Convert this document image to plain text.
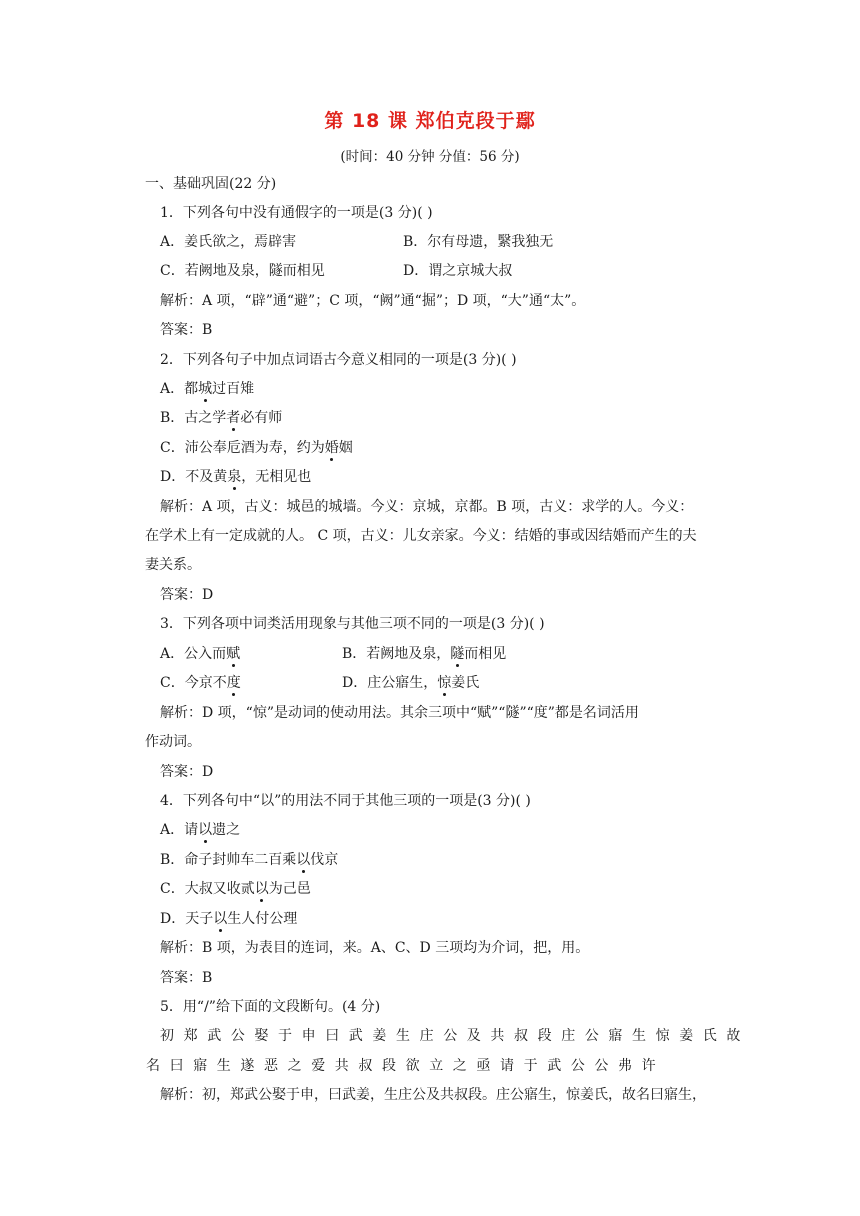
第 18 课 郑伯克段于鄢
(时间：40 分钟 分值：56 分)
一、基础巩固(22 分)
1．下列各句中没有通假字的一项是(3 分)( )
A．姜氏欲之，焉辟害	B．尔有母遗，繄我独无
C．若阙地及泉，隧而相见	D．谓之京城大叔
解析：A 项，“辟”通“避”；C 项，“阙”通“掘”；D 项，“大”通“太”。
答案：B
2．下列各句子中加点词语古今意义相同的一项是(3 分)( )
A．都城过百雉
B．古之学者必有师
C．沛公奉卮酒为寿，约为婚姻
D．不及黄泉，无相见也
解析：A 项，古义：城邑的城墙。今义：京城，京都。B 项，古义：求学的人。今义：
在学术上有一定成就的人。 C 项，古义：儿女亲家。今义：结婚的事或因结婚而产生的夫
妻关系。
答案：D
3．下列各项中词类活用现象与其他三项不同的一项是(3 分)( )
A．公入而赋	B．若阙地及泉，隧而相见
C．今京不度	D．庄公寤生，惊姜氏
解析：D 项，“惊”是动词的使动用法。其余三项中“赋”“隧”“度”都是名词活用
作动词。
答案：D
4．下列各句中“以”的用法不同于其他三项的一项是(3 分)( )
A．请以遗之
B．命子封帅车二百乘以伐京
C．大叔又收贰以为己邑
D．天子以生人付公理
解析：B 项，为表目的连词，来。A、C、D 三项均为介词，把，用。
答案：B
5．用“/”给下面的文段断句。(4 分)
初郑武公娶于申曰武姜生庄公及共叔段庄公寤生惊姜氏故
名曰寤生遂恶之爱共叔段欲立之亟请于武公公弗许
解析：初，郑武公娶于申，曰武姜，生庄公及共叔段。庄公寤生，惊姜氏，故名曰寤生，
